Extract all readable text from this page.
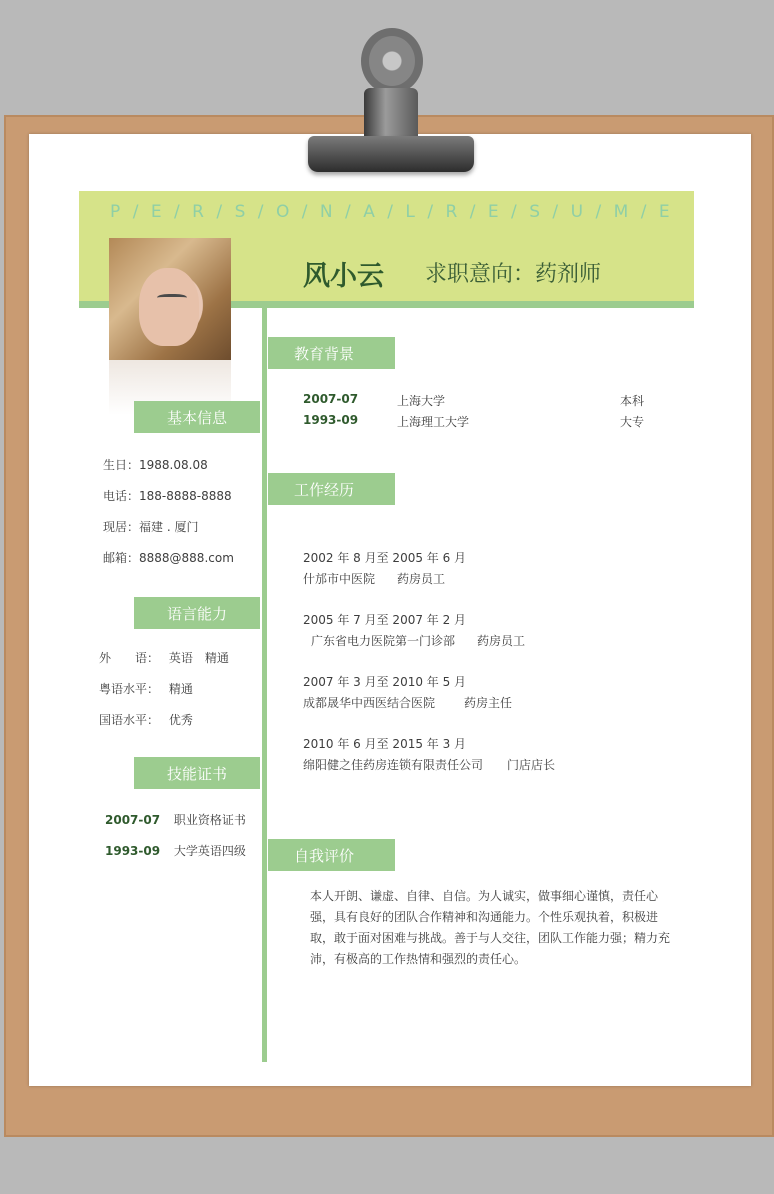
P / E / R / S / O / N / A / L / R / E / S / U / M / E
风小云 求职意向：药剂师
基本信息
生日：1988.08.08
电话：188-8888-8888
现居：福建 . 厦门
邮箱：8888@888.com
语言能力
外　　语： 英语　精通
粤语水平： 精通
国语水平： 优秀
技能证书
2007-07 职业资格证书
1993-09 大学英语四级
教育背景
2007-07	上海大学	本科
1993-09	上海理工大学	大专
工作经历
2002 年 8 月至 2005 年 6 月
什邡市中医院 药房员工
2005 年 7 月至 2007 年 2 月
广东省电力医院第一门诊部 药房员工
2007 年 3 月至 2010 年 5 月
成都晟华中西医结合医院 药房主任
2010 年 6 月至 2015 年 3 月
绵阳健之佳药房连锁有限责任公司 门店店长
自我评价
本人开朗、谦虚、自律、自信。为人诚实，做事细心谨慎，责任心强，具有良好的团队合作精神和沟通能力。个性乐观执着，积极进取，敢于面对困难与挑战。善于与人交往，团队工作能力强；精力充沛，有极高的工作热情和强烈的责任心。
